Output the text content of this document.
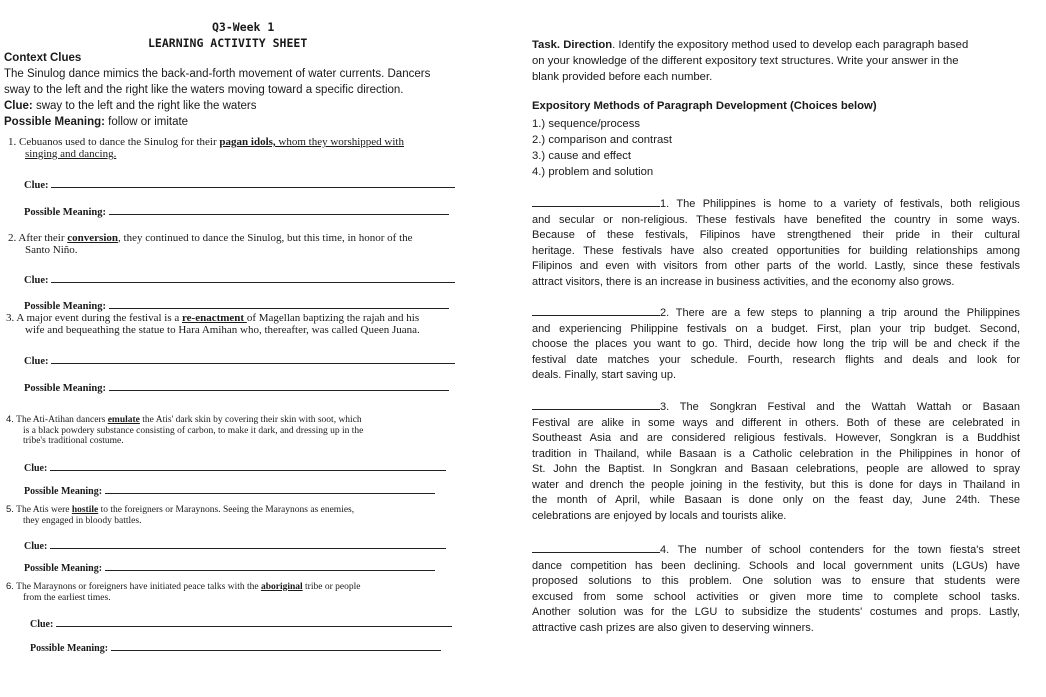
Q3-Week 1
LEARNING ACTIVITY SHEET
Context Clues
The Sinulog dance mimics the back-and-forth movement of water currents. Dancers
sway to the left and the right like the waters moving toward a specific direction.
Clue: sway to the left and the right like the waters
Possible Meaning: follow or imitate
1. Cebuanos used to dance the Sinulog for their pagan idols, whom they worshipped with
singing and dancing.
Clue:
Possible Meaning:
2. After their conversion, they continued to dance the Sinulog, but this time, in honor of the
Santo Niño.
Clue:
Possible Meaning:
3. A major event during the festival is a re-enactment of Magellan baptizing the rajah and his
wife and bequeathing the statue to Hara Amihan who, thereafter, was called Queen Juana.
Clue:
Possible Meaning:
4. The Ati-Atihan dancers emulate the Atis' dark skin by covering their skin with soot, which
is a black powdery substance consisting of carbon, to make it dark, and dressing up in the
tribe's traditional costume.
Clue:
Possible Meaning:
5. The Atis were hostile to the foreigners or Maraynons. Seeing the Maraynons as enemies,
they engaged in bloody battles.
Clue:
Possible Meaning:
6. The Maraynons or foreigners have initiated peace talks with the aboriginal tribe or people
from the earliest times.
Clue:
Possible Meaning:
Task. Direction. Identify the expository method used to develop each paragraph based
on your knowledge of the different expository text structures. Write your answer in the
blank provided before each number.
Expository Methods of Paragraph Development (Choices below)
1.) sequence/process
2.) comparison and contrast
3.) cause and effect
4.) problem and solution
1. The Philippines is home to a variety of festivals, both religious
and secular or non-religious. These festivals have benefited the country in some ways.
Because of these festivals, Filipinos have strengthened their pride in their cultural
heritage. These festivals have also created opportunities for building relationships among
Filipinos and even with visitors from other parts of the world. Lastly, since these festivals
attract visitors, there is an increase in business activities, and the economy also grows.
2. There are a few steps to planning a trip around the Philippines
and experiencing Philippine festivals on a budget. First, plan your trip budget. Second,
choose the places you want to go. Third, decide how long the trip will be and check if the
festival date matches your schedule. Fourth, research flights and deals and look for
deals. Finally, start saving up.
3. The Songkran Festival and the Wattah Wattah or Basaan
Festival are alike in some ways and different in others. Both of these are celebrated in
Southeast Asia and are considered religious festivals. However, Songkran is a Buddhist
tradition in Thailand, while Basaan is a Catholic celebration in the Philippines in honor of
St. John the Baptist. In Songkran and Basaan celebrations, people are allowed to spray
water and drench the people joining in the festivity, but this is done for days in Thailand in
the month of April, while Basaan is done only on the feast day, June 24th. These
celebrations are enjoyed by locals and tourists alike.
4. The number of school contenders for the town fiesta's street
dance competition has been declining. Schools and local government units (LGUs) have
proposed solutions to this problem. One solution was to ensure that students were
excused from some school activities or given more time to complete school tasks.
Another solution was for the LGU to subsidize the students' costumes and props. Lastly,
attractive cash prizes are also given to deserving winners.
